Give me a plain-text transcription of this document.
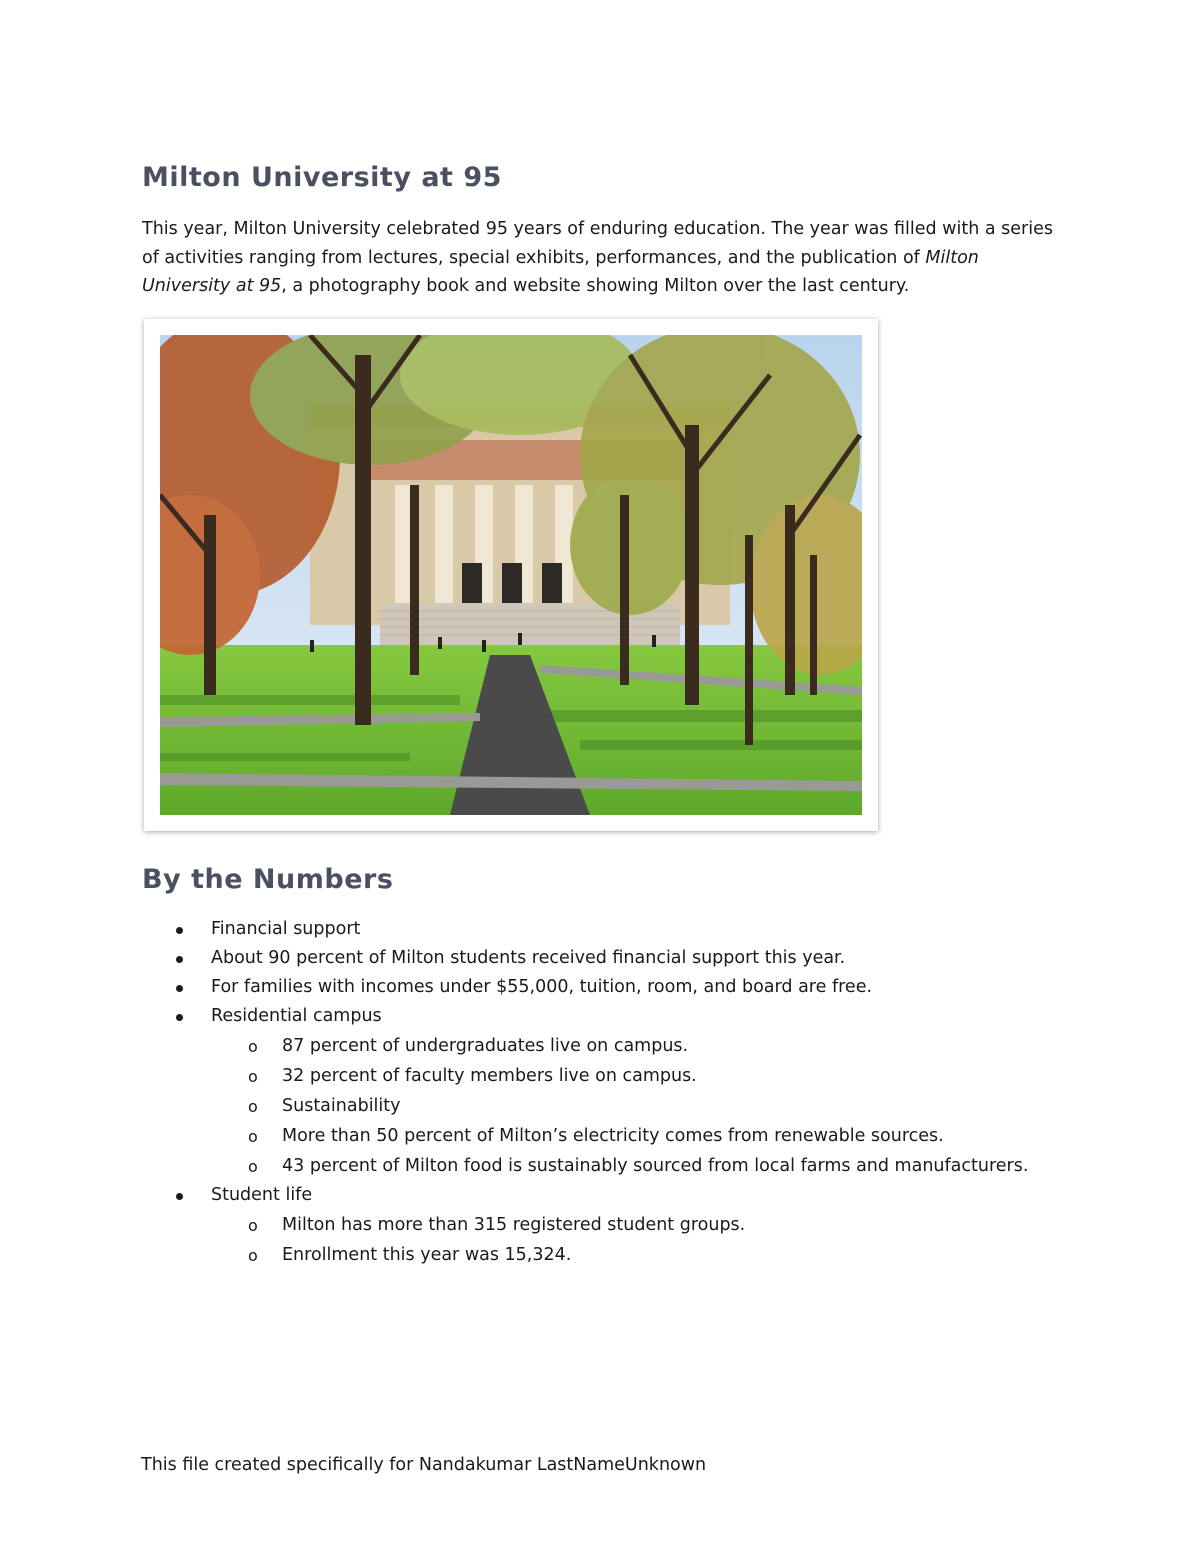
Milton University at 95

This year, Milton University celebrated 95 years of enduring education. The year was filled with a series of activities ranging from lectures, special exhibits, performances, and the publication of Milton University at 95, a photography book and website showing Milton over the last century.

By the Numbers
Financial support
About 90 percent of Milton students received financial support this year.
For families with incomes under $55,000, tuition, room, and board are free.
Residential campus
o 87 percent of undergraduates live on campus.
o 32 percent of faculty members live on campus.
o Sustainability
o More than 50 percent of Milton’s electricity comes from renewable sources.
o 43 percent of Milton food is sustainably sourced from local farms and manufacturers.
Student life
o Milton has more than 315 registered student groups.
o Enrollment this year was 15,324.

This file created specifically for Nandakumar LastNameUnknown
